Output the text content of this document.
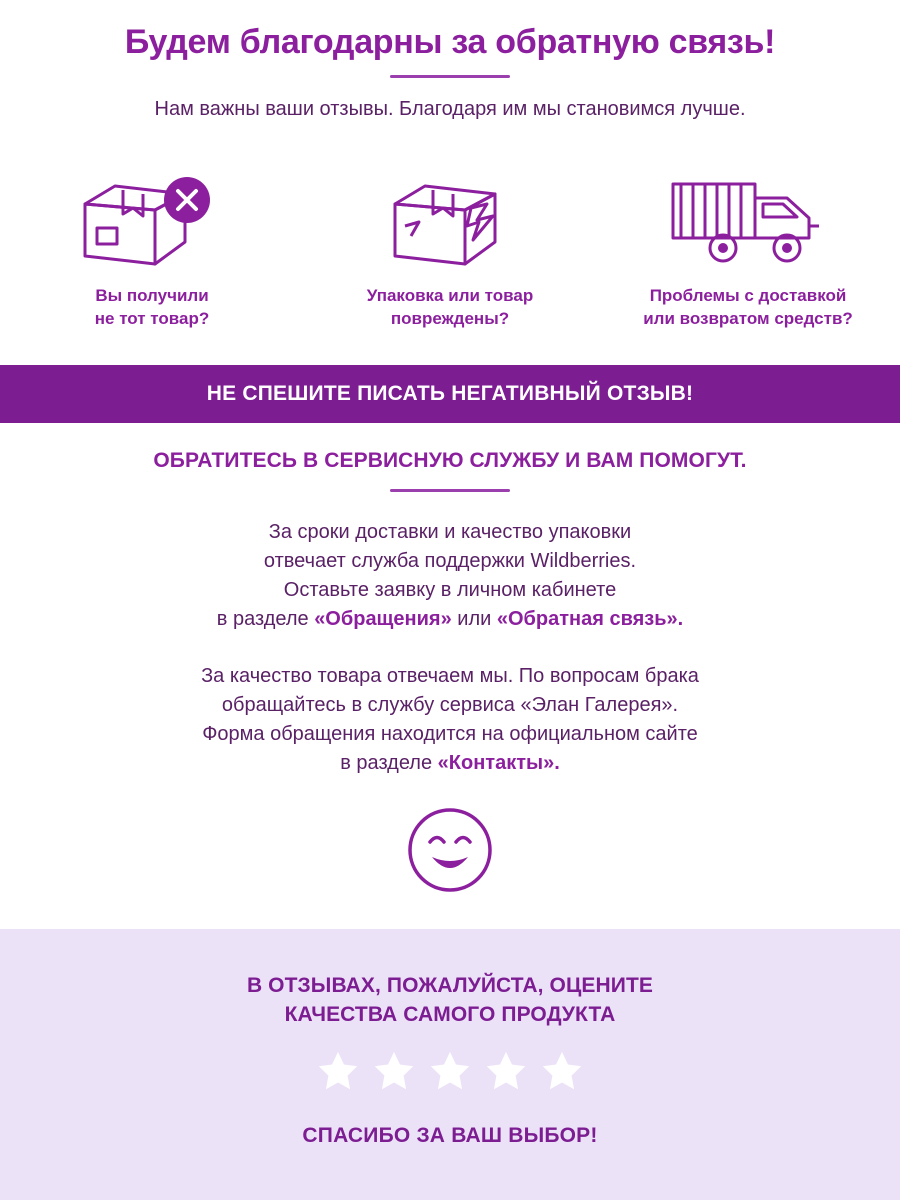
Будем благодарны за обратную связь!

Нам важны ваши отзывы. Благодаря им мы становимся лучше.

Вы получили
не тот товар?
Упаковка или товар
повреждены?
Проблемы с доставкой
или возвратом средств?
НЕ СПЕШИТЕ ПИСАТЬ НЕГАТИВНЫЙ ОТЗЫВ!
ОБРАТИТЕСЬ В СЕРВИСНУЮ СЛУЖБУ И ВАМ ПОМОГУТ.

За сроки доставки и качество упаковки
отвечает служба поддержки Wildberries.
Оставьте заявку в личном кабинете
в разделе «Обращения» или «Обратная связь».

За качество товара отвечаем мы. По вопросам брака
обращайтесь в службу сервиса «Элан Галерея».
Форма обращения находится на официальном сайте
в разделе «Контакты».

В ОТЗЫВАХ, ПОЖАЛУЙСТА, ОЦЕНИТЕ
КАЧЕСТВА САМОГО ПРОДУКТА
СПАСИБО ЗА ВАШ ВЫБОР!
